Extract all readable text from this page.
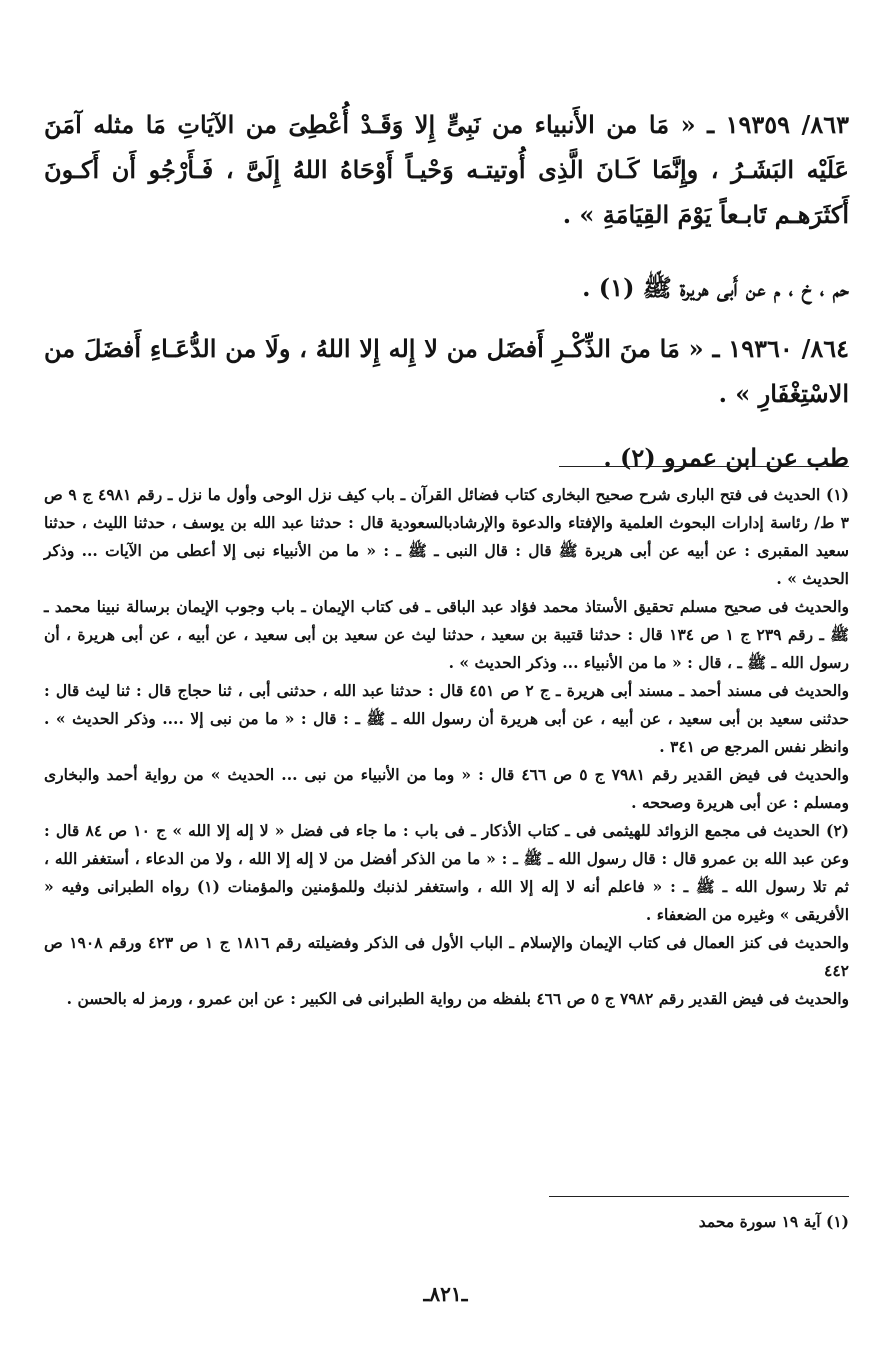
٨٦٣/ ١٩٣٥٩ ـ « مَا من الأَنبياء من نَبِىٍّ إِلا وَقَـدْ أُعْطِىَ من الآيَاتِ مَا مثله آمَنَ عَلَيْه البَشَـرُ ، وإِنَّمَا كَـانَ الَّذِى أُوتيتـه وَحْيـاً أَوْحَاهُ اللهُ إِلَىَّ ، فَـأَرْجُو أَن أَكـونَ أَكثَرَهـم تَابـعاً يَوْمَ القِيَامَةِ » .

حم ، خ ، م عن أَبى هريرة ﷺ (١) .

٨٦٤/ ١٩٣٦٠ ـ « مَا منَ الذِّكْـرِ أَفضَل من لا إِله إِلا اللهُ ، ولَا من الدُّعَـاءِ أَفضَلَ من الاسْتِغْفَارِ » .

طب عن ابن عمرو (٢) .

(١) الحديث فى فتح البارى شرح صحيح البخارى كتاب فضائل القرآن ـ باب كيف نزل الوحى وأول ما نزل ـ رقم ٤٩٨١ ج ٩ ص ٣ ط/ رئاسة إدارات البحوث العلمية والإفتاء والدعوة والإرشادبالسعودية قال : حدثنا عبد الله بن يوسف ، حدثنا الليث ، حدثنا سعيد المقبرى : عن أبيه عن أبى هريرة ﷺ قال : قال النبى ـ ﷺ ـ : « ما من الأنبياء نبى إلا أعطى من الآيات ... وذكر الحديث » .

والحديث فى صحيح مسلم تحقيق الأستاذ محمد فؤاد عبد الباقى ـ فى كتاب الإيمان ـ باب وجوب الإيمان برسالة نبينا محمد ـ ﷺ ـ رقم ٢٣٩ ج ١ ص ١٣٤ قال : حدثنا قتيبة بن سعيد ، حدثنا ليث عن سعيد بن أبى سعيد ، عن أبيه ، عن أبى هريرة ، أن رسول الله ـ ﷺ ـ ، قال : « ما من الأنبياء ... وذكر الحديث » .

والحديث فى مسند أحمد ـ مسند أبى هريرة ـ ج ٢ ص ٤٥١ قال : حدثنا عبد الله ، حدثنى أبى ، ثنا حجاج قال : ثنا ليث قال : حدثنى سعيد بن أبى سعيد ، عن أبيه ، عن أبى هريرة أن رسول الله ـ ﷺ ـ : قال : « ما من نبى إلا .... وذكر الحديث » . وانظر نفس المرجع ص ٣٤١ .

والحديث فى فيض القدير رقم ٧٩٨١ ج ٥ ص ٤٦٦ قال : « وما من الأنبياء من نبى ... الحديث » من رواية أحمد والبخارى ومسلم : عن أبى هريرة وصححه .

(٢) الحديث فى مجمع الزوائد للهيثمى فى ـ كتاب الأذكار ـ فى باب : ما جاء فى فضل « لا إله إلا الله » ج ١٠ ص ٨٤ قال : وعن عبد الله بن عمرو قال : قال رسول الله ـ ﷺ ـ : « ما من الذكر أفضل من لا إله إلا الله ، ولا من الدعاء ، أستغفر الله ، ثم تلا رسول الله ـ ﷺ ـ : « فاعلم أنه لا إله إلا الله ، واستغفر لذنبك وللمؤمنين والمؤمنات (١) رواه الطبرانى وفيه « الأفريقى » وغيره من الضعفاء .

والحديث فى كنز العمال فى كتاب الإيمان والإسلام ـ الباب الأول فى الذكر وفضيلته رقم ١٨١٦ ج ١ ص ٤٢٣ ورقم ١٩٠٨ ص ٤٤٢

والحديث فى فيض القدير رقم ٧٩٨٢ ج ٥ ص ٤٦٦ بلفظه من رواية الطبرانى فى الكبير : عن ابن عمرو ، ورمز له بالحسن .

(١) آية ١٩ سورة محمد
ـ٨٢١ـ
